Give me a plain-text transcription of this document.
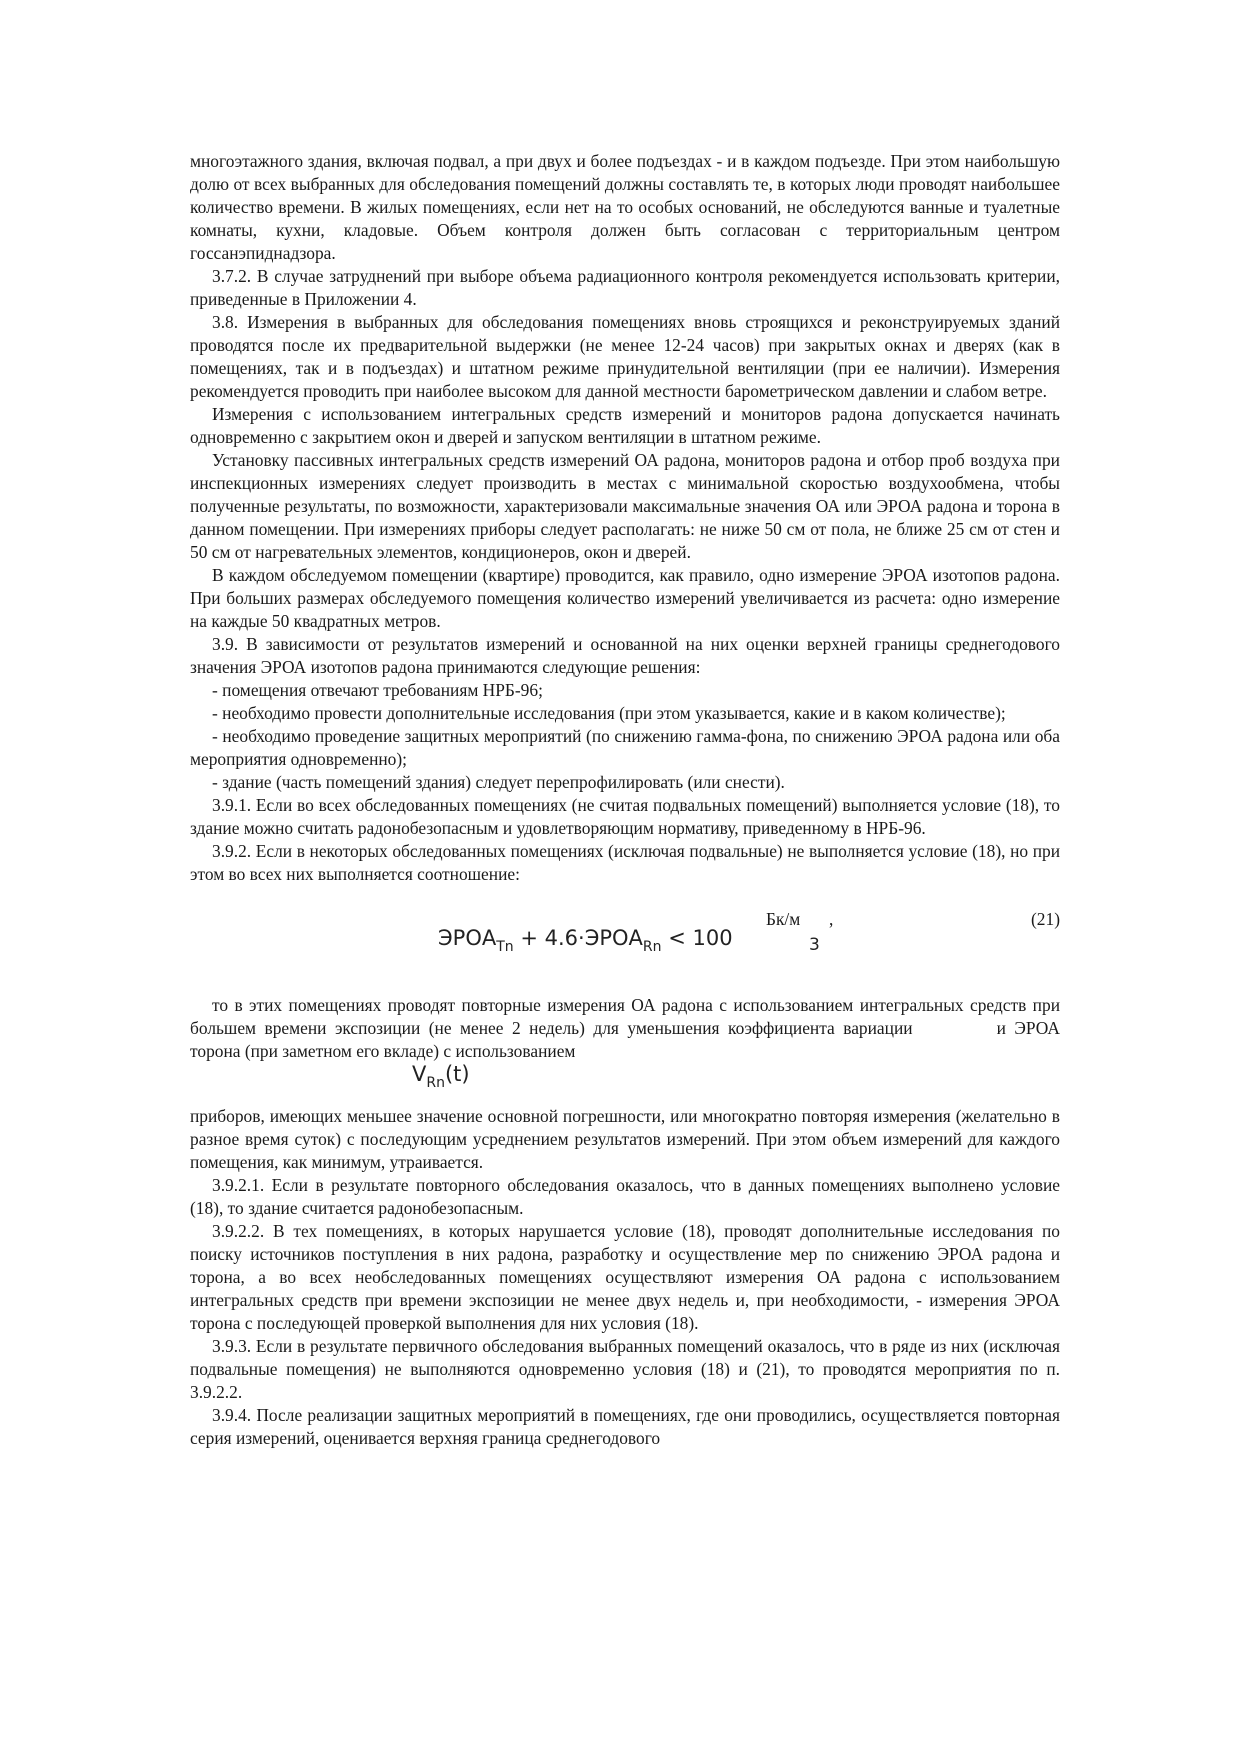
многоэтажного здания, включая подвал, а при двух и более подъездах - и в каждом подъезде. При этом наибольшую долю от всех выбранных для обследования помещений должны составлять те, в которых люди проводят наибольшее количество времени. В жилых помещениях, если нет на то особых оснований, не обследуются ванные и туалетные комнаты, кухни, кладовые. Объем контроля должен быть согласован с территориальным центром госсанэпиднадзора.

3.7.2. В случае затруднений при выборе объема радиационного контроля рекомендуется использовать критерии, приведенные в Приложении 4.

3.8. Измерения в выбранных для обследования помещениях вновь строящихся и реконструируемых зданий проводятся после их предварительной выдержки (не менее 12-24 часов) при закрытых окнах и дверях (как в помещениях, так и в подъездах) и штатном режиме принудительной вентиляции (при ее наличии). Измерения рекомендуется проводить при наиболее высоком для данной местности барометрическом давлении и слабом ветре.

Измерения с использованием интегральных средств измерений и мониторов радона допускается начинать одновременно с закрытием окон и дверей и запуском вентиляции в штатном режиме.

Установку пассивных интегральных средств измерений ОА радона, мониторов радона и отбор проб воздуха при инспекционных измерениях следует производить в местах с минимальной скоростью воздухообмена, чтобы полученные результаты, по возможности, характеризовали максимальные значения ОА или ЭРОА радона и торона в данном помещении. При измерениях приборы следует располагать: не ниже 50 см от пола, не ближе 25 см от стен и 50 см от нагревательных элементов, кондиционеров, окон и дверей.

В каждом обследуемом помещении (квартире) проводится, как правило, одно измерение ЭРОА изотопов радона. При больших размерах обследуемого помещения количество измерений увеличивается из расчета: одно измерение на каждые 50 квадратных метров.

3.9. В зависимости от результатов измерений и основанной на них оценки верхней границы среднегодового значения ЭРОА изотопов радона принимаются следующие решения:

- помещения отвечают требованиям НРБ-96;

- необходимо провести дополнительные исследования (при этом указывается, какие и в каком количестве);

- необходимо проведение защитных мероприятий (по снижению гамма-фона, по снижению ЭРОА радона или оба мероприятия одновременно);

- здание (часть помещений здания) следует перепрофилировать (или снести).

3.9.1. Если во всех обследованных помещениях (не считая подвальных помещений) выполняется условие (18), то здание можно считать радонобезопасным и удовлетворяющим нормативу, приведенному в НРБ-96.

3.9.2. Если в некоторых обследованных помещениях (исключая подвальные) не выполняется условие (18), но при этом во всех них выполняется соотношение:

$ЭРОА_{Tn}$ + $4.6\cdot ЭРОА_{Rn} < 100$
Бк/м
3
,	(21)

то в этих помещениях проводят повторные измерения ОА радона с использованием интегральных средств при большем времени экспозиции (не менее 2 недель) для уменьшения коэффициента вариации	и ЭРОА торона (при заметном его вкладе) с использованием

$V_{Rn}(t)$

приборов, имеющих меньшее значение основной погрешности, или многократно повторяя измерения (желательно в разное время суток) с последующим усреднением результатов измерений. При этом объем измерений для каждого помещения, как минимум, утраивается.

3.9.2.1. Если в результате повторного обследования оказалось, что в данных помещениях выполнено условие (18), то здание считается радонобезопасным.

3.9.2.2. В тех помещениях, в которых нарушается условие (18), проводят дополнительные исследования по поиску источников поступления в них радона, разработку и осуществление мер по снижению ЭРОА радона и торона, а во всех необследованных помещениях осуществляют измерения ОА радона с использованием интегральных средств при времени экспозиции не менее двух недель и, при необходимости, - измерения ЭРОА торона с последующей проверкой выполнения для них условия (18).

3.9.3. Если в результате первичного обследования выбранных помещений оказалось, что в ряде из них (исключая подвальные помещения) не выполняются одновременно условия (18) и (21), то проводятся мероприятия по п. 3.9.2.2.

3.9.4. После реализации защитных мероприятий в помещениях, где они проводились, осуществляется повторная серия измерений, оценивается верхняя граница среднегодового
